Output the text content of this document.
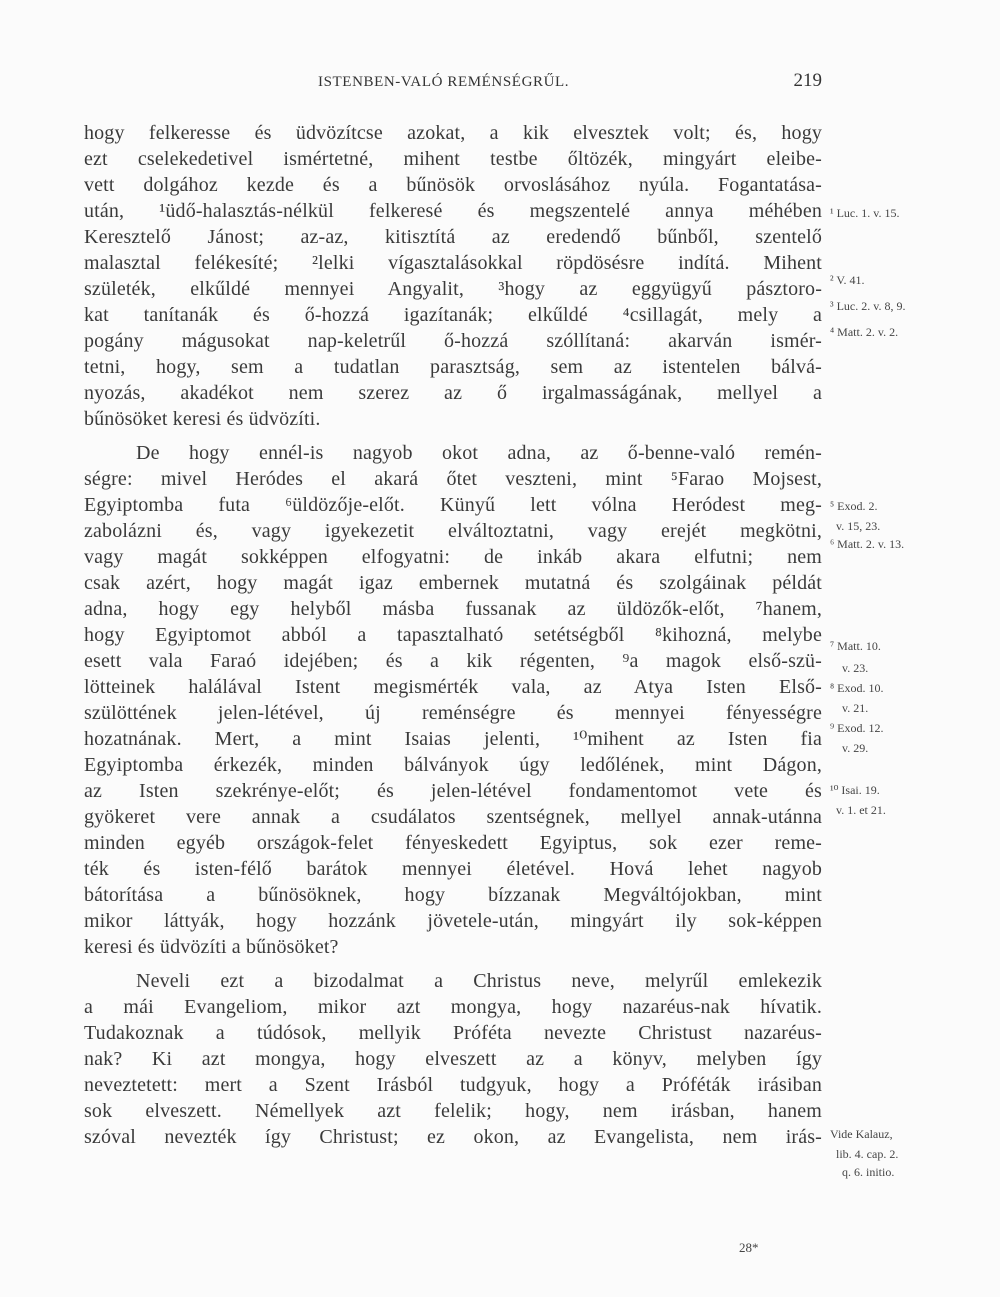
ISTENBEN-VALÓ REMÉNSÉGRŰL.	219
hogy felkeresse és üdvözítcse azokat, a kik elvesztek volt; és, hogy
ezt cselekedetivel ismértetné, mihent testbe őltözék, mingyárt eleibe-
vett dolgához kezde és a bűnösök orvoslásához nyúla. Fogantatása-
után, ¹üdő-halasztás-nélkül felkeresé és megszentelé annya méhében
Keresztelő Jánost; az-az, kitisztítá az eredendő bűnből, szentelő
malasztal felékesíté; ²lelki vígasztalásokkal röpdösésre indítá. Mihent
születék, elkűldé mennyei Angyalit, ³hogy az eggyügyű pásztoro-
kat tanítanák és ő-hozzá igazítanák; elkűldé ⁴csillagát, mely a
pogány mágusokat nap-keletrűl ő-hozzá szóllítaná: akarván ismér-
tetni, hogy, sem a tudatlan parasztság, sem az istentelen bálvá-
nyozás, akadékot nem szerez az ő irgalmasságának, mellyel a
bűnösöket keresi és üdvözíti.
De hogy ennél-is nagyob okot adna, az ő-benne-való remén-
ségre: mivel Heródes el akará őtet veszteni, mint ⁵Farao Mojsest,
Egyiptomba futa ⁶üldözője-előt. Künyű lett vólna Heródest meg-
zabolázni és, vagy igyekezetit elváltoztatni, vagy erejét megkötni,
vagy magát sokképpen elfogyatni: de inkáb akara elfutni; nem
csak azért, hogy magát igaz embernek mutatná és szolgáinak példát
adna, hogy egy helyből másba fussanak az üldözők-előt, ⁷hanem,
hogy Egyiptomot abból a tapasztalható setétségből ⁸kihozná, melybe
esett vala Faraó idejében; és a kik régenten, ⁹a magok első-szü-
lötteinek halálával Istent megismérték vala, az Atya Isten Első-
szülöttének jelen-létével, új reménségre és mennyei fényességre
hozatnának. Mert, a mint Isaias jelenti, ¹⁰mihent az Isten fia
Egyiptomba érkezék, minden bálványok úgy ledőlének, mint Dágon,
az Isten szekrénye-előt; és jelen-létével fondamentomot vete és
gyökeret vere annak a csudálatos szentségnek, mellyel annak-utánna
minden egyéb országok-felet fényeskedett Egyiptus, sok ezer reme-
ték és isten-félő barátok mennyei életével. Hová lehet nagyob
bátorítása a bűnösöknek, hogy bízzanak Megváltójokban, mint
mikor láttyák, hogy hozzánk jövetele-után, mingyárt ily sok-képpen
keresi és üdvözíti a bűnösöket?
Neveli ezt a bizodalmat a Christus neve, melyrűl emlekezik
a mái Evangeliom, mikor azt mongya, hogy nazaréus-nak hívatik.
Tudakoznak a túdósok, mellyik Próféta nevezte Christust nazaréus-
nak? Ki azt mongya, hogy elveszett az a könyv, melyben így
neveztetett: mert a Szent Irásból tudgyuk, hogy a Próféták irásiban
sok elveszett. Némellyek azt felelik; hogy, nem irásban, hanem
szóval nevezték így Christust; ez okon, az Evangelista, nem irás-
¹ Luc. 1. v. 15.
² V. 41.
³ Luc. 2. v. 8, 9.
⁴ Matt. 2. v. 2.
⁵ Exod. 2.
v. 15, 23.
⁶ Matt. 2. v. 13.
⁷ Matt. 10.
v. 23.
⁸ Exod. 10.
v. 21.
⁹ Exod. 12.
v. 29.
¹⁰ Isai. 19.
v. 1. et 21.
Vide Kalauz,
lib. 4. cap. 2.
q. 6. initio.
28*
